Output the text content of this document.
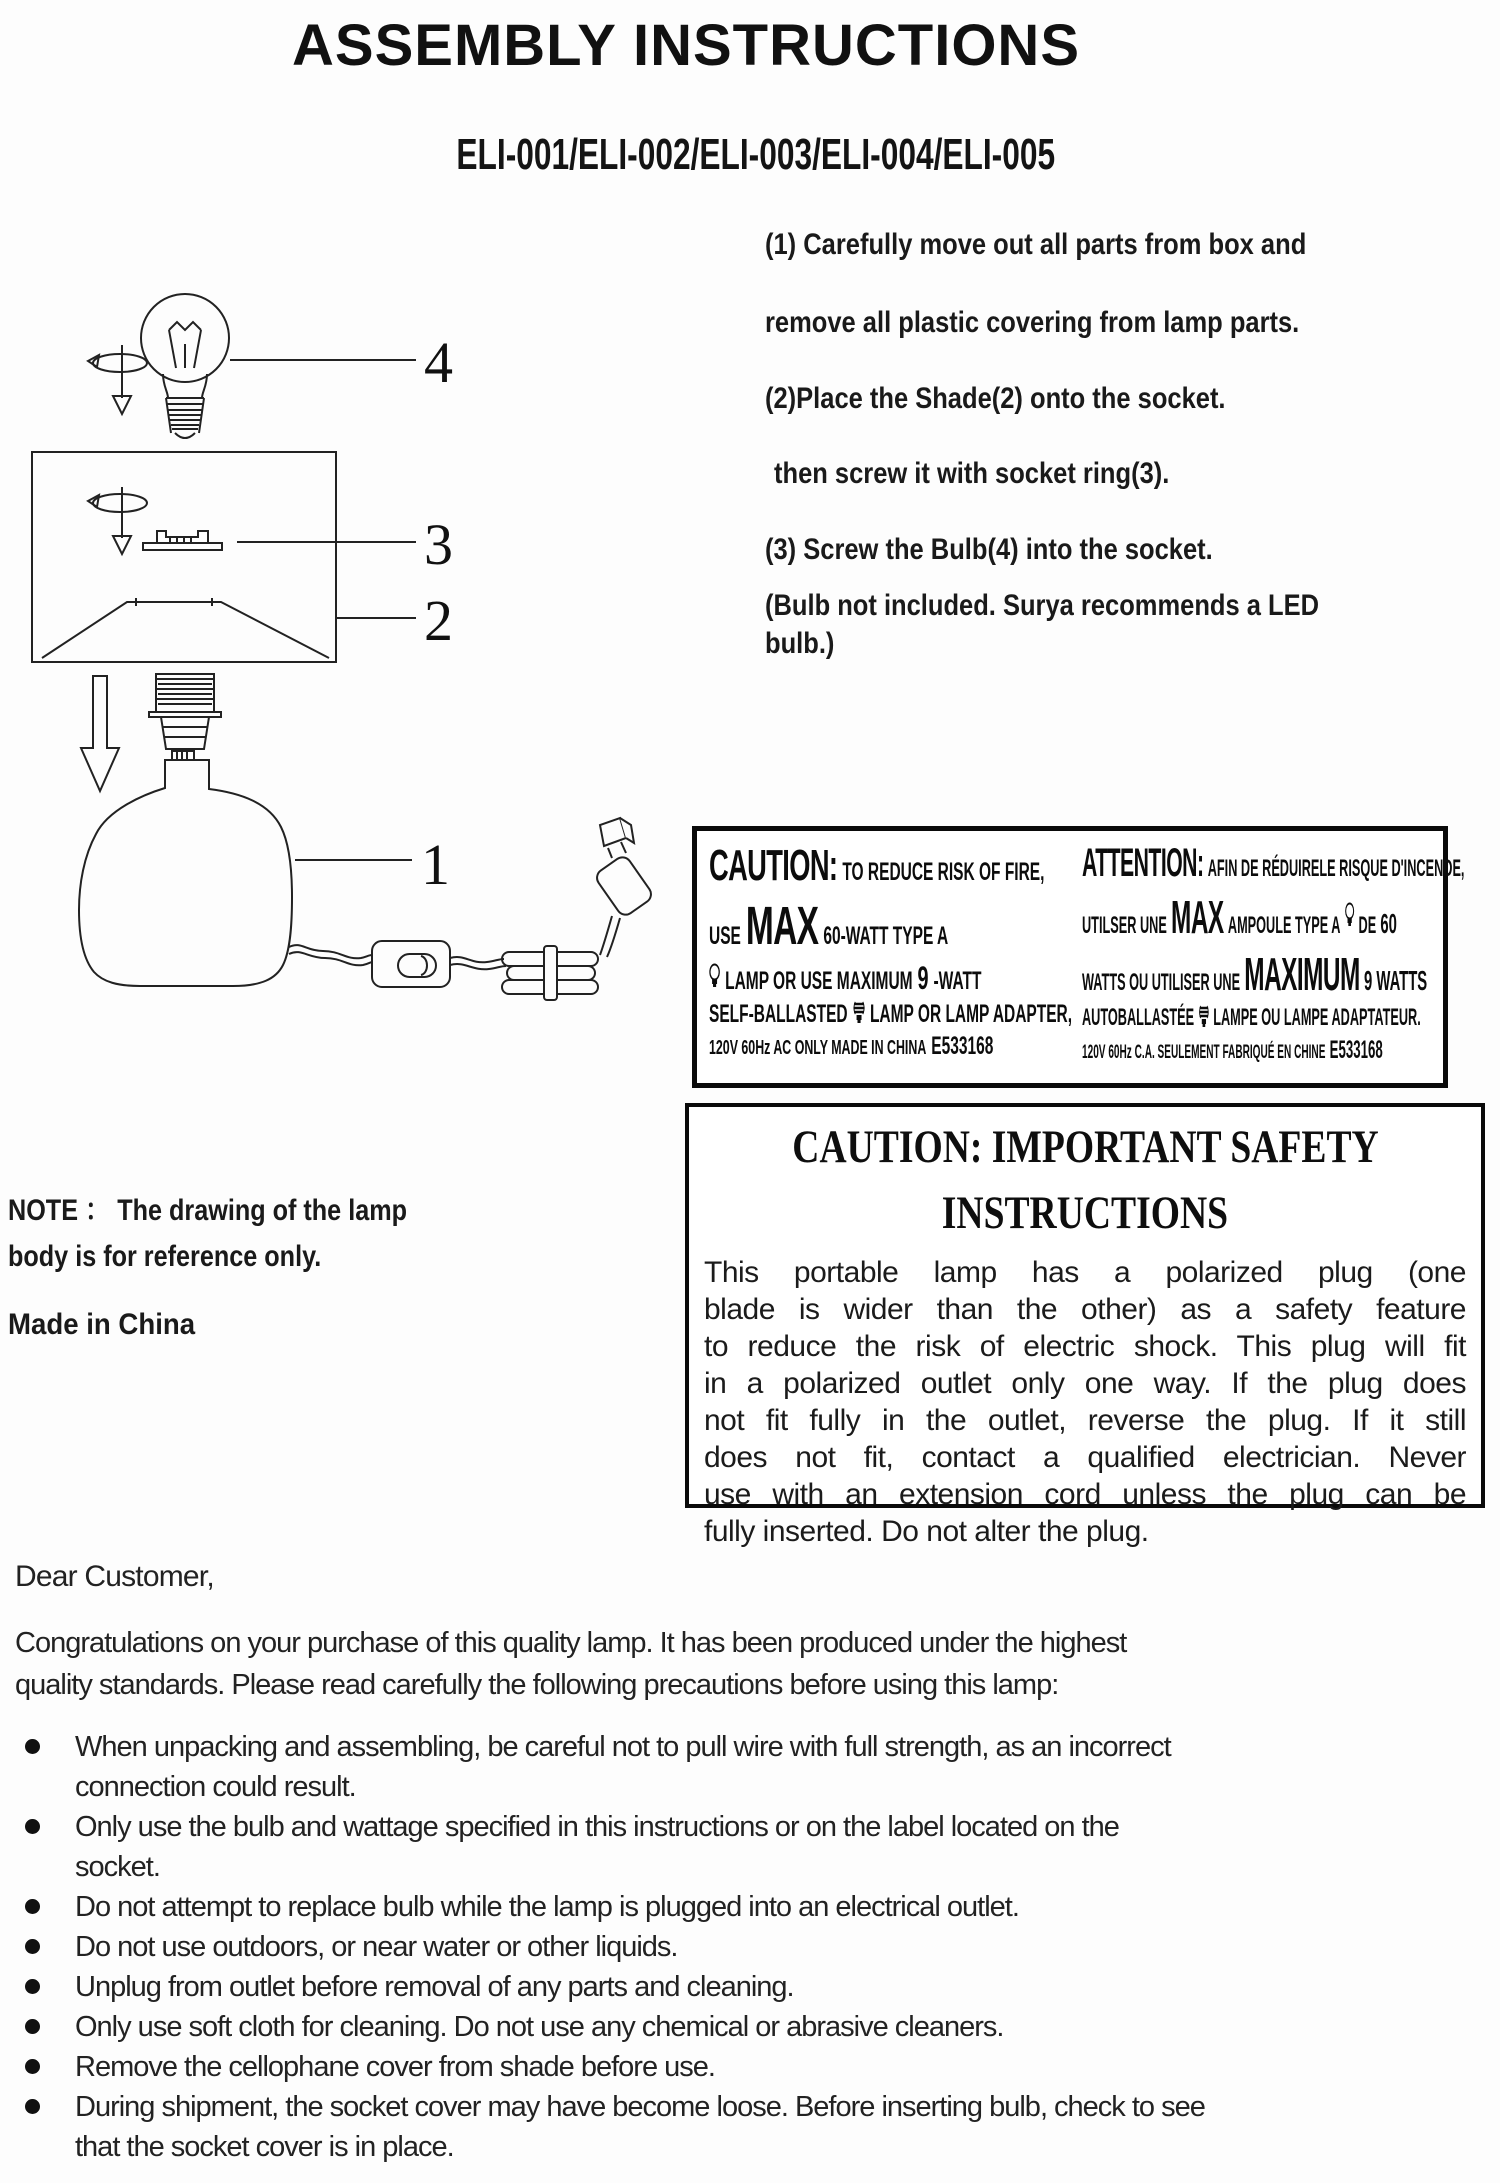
ASSEMBLY INSTRUCTIONS
ELI-001/ELI-002/ELI-003/ELI-004/ELI-005
(1) Carefully move out all parts from box and
remove all plastic covering from lamp parts.
(2)Place the Shade(2) onto the socket.
then screw it with socket ring(3).
(3) Screw the Bulb(4) into the socket.
(Bulb not included. Surya recommends a LED
bulb.)
4
3
2
1	CAUTION: TO REDUCE RISK OF FIRE,
USE MAX 60-WATT TYPE A
LAMP OR USE MAXIMUM 9 -WATT
SELF-BALLASTED LAMP OR LAMP ADAPTER,
120V 60Hz AC ONLY MADE IN CHINA E533168
ATTENTION: AFIN DE RÉDUIRELE RISQUE D'INCENDE,
UTILSER UNE MAX AMPOULE TYPE A DE 60
WATTS OU UTILISER UNE MAXIMUM 9 WATTS
AUTOBALLASTÉE LAMPE OU LAMPE ADAPTATEUR.
120V 60Hz C.A. SEULEMENT FABRIQUÉ EN CHINE E533168
CAUTION: IMPORTANT SAFETY
INSTRUCTIONS
This portable lamp has a polarized plug (one
blade is wider than the other) as a safety feature
to reduce the risk of electric shock. This plug will fit
in a polarized outlet only one way. If the plug does
not fit fully in the outlet, reverse the plug. If it still
does not fit, contact a qualified electrician. Never
use with an extension cord unless the plug can be
fully inserted. Do not alter the plug.
NOTE ： The drawing of the lamp
body is for reference only.
Made in China
Dear Customer,
Congratulations on your purchase of this quality lamp. It has been produced under the highest
quality standards. Please read carefully the following precautions before using this lamp:
When unpacking and assembling, be careful not to pull wire with full strength, as an incorrect
connection could result.
Only use the bulb and wattage specified in this instructions or on the label located on the
socket.
Do not attempt to replace bulb while the lamp is plugged into an electrical outlet.
Do not use outdoors, or near water or other liquids.
Unplug from outlet before removal of any parts and cleaning.
Only use soft cloth for cleaning. Do not use any chemical or abrasive cleaners.
Remove the cellophane cover from shade before use.
During shipment, the socket cover may have become loose. Before inserting bulb, check to see
that the socket cover is in place.
